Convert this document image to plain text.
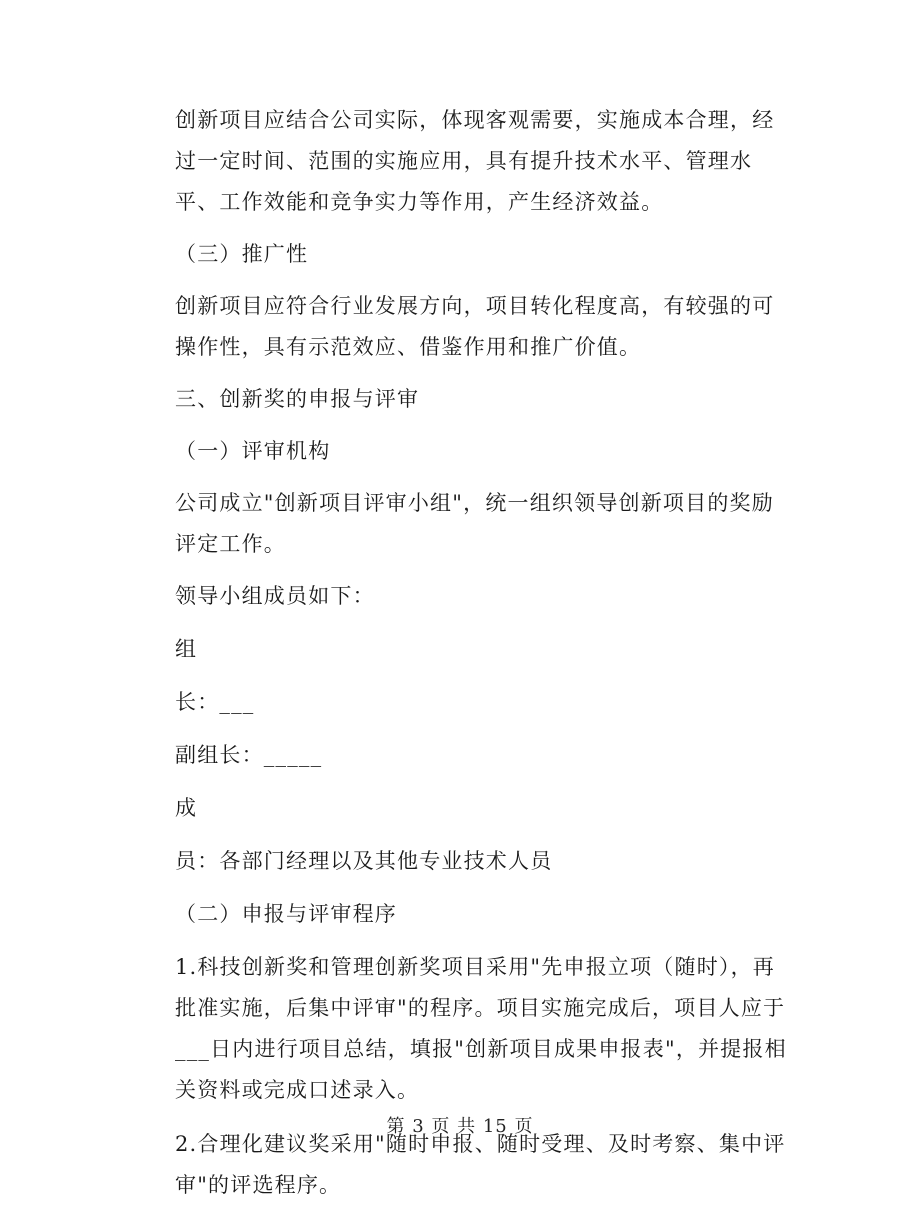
创新项目应结合公司实际，体现客观需要，实施成本合理，经过一定时间、范围的实施应用，具有提升技术水平、管理水平、工作效能和竞争实力等作用，产生经济效益。

（三）推广性

创新项目应符合行业发展方向，项目转化程度高，有较强的可操作性，具有示范效应、借鉴作用和推广价值。

三、创新奖的申报与评审

（一）评审机构

公司成立"创新项目评审小组"，统一组织领导创新项目的奖励评定工作。

领导小组成员如下：

组

长：___

副组长：_____

成

员：各部门经理以及其他专业技术人员

（二）申报与评审程序

1.科技创新奖和管理创新奖项目采用"先申报立项（随时），再批准实施，后集中评审"的程序。项目实施完成后，项目人应于___日内进行项目总结，填报"创新项目成果申报表"，并提报相关资料或完成口述录入。

2.合理化建议奖采用"随时申报、随时受理、及时考察、集中评审"的评选程序。

第 3 页 共 15 页
